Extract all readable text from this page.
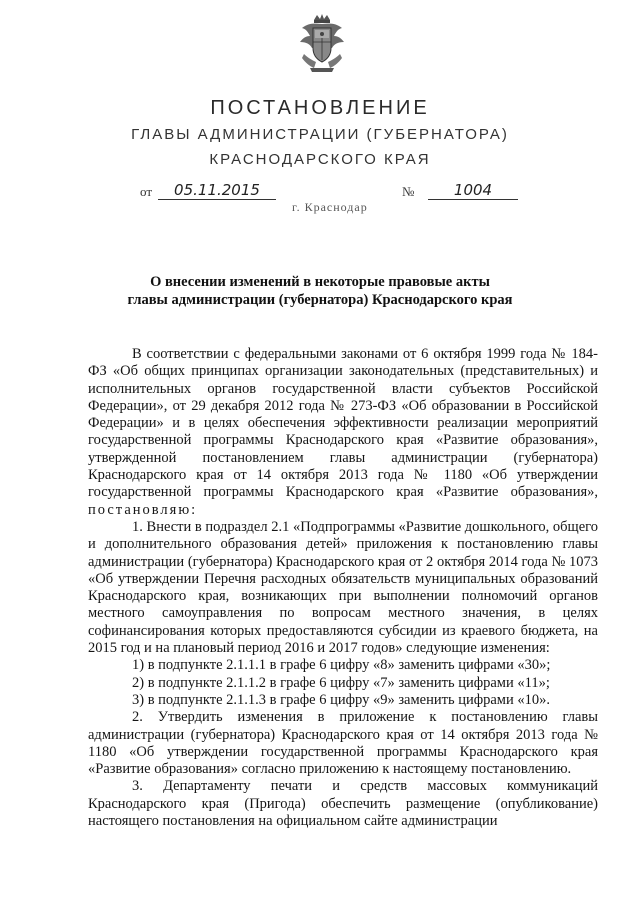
ПОСТАНОВЛЕНИЕ
ГЛАВЫ АДМИНИСТРАЦИИ (ГУБЕРНАТОРА)
КРАСНОДАРСКОГО КРАЯ
от	05.11.2015	№	1004
г. Краснодар
О внесении изменений в некоторые правовые акты
главы администрации (губернатора) Краснодарского края

В соответствии с федеральными законами от 6 октября 1999 года № 184-ФЗ «Об общих принципах организации законодательных (представительных) и исполнительных органов государственной власти субъектов Российской Федерации», от 29 декабря 2012 года № 273-ФЗ «Об образовании в Российской Федерации» и в целях обеспечения эффективности реализации мероприятий государственной программы Краснодарского края «Развитие образования», утвержденной постановлением главы администрации (губернатора) Краснодарского края от 14 октября 2013 года № 1180 «Об утверждении государственной программы Краснодарского края «Развитие образования», постановляю:

1. Внести в подраздел 2.1 «Подпрограммы «Развитие дошкольного, общего и дополнительного образования детей» приложения к постановлению главы администрации (губернатора) Краснодарского края от 2 октября 2014 года № 1073 «Об утверждении Перечня расходных обязательств муниципальных образований Краснодарского края, возникающих при выполнении полномочий органов местного самоуправления по вопросам местного значения, в целях софинансирования которых предоставляются субсидии из краевого бюджета, на 2015 год и на плановый период 2016 и 2017 годов» следующие изменения:

1) в подпункте 2.1.1.1 в графе 6 цифру «8» заменить цифрами «30»;

2) в подпункте 2.1.1.2 в графе 6 цифру «7» заменить цифрами «11»;

3) в подпункте 2.1.1.3 в графе 6 цифру «9» заменить цифрами «10».

2. Утвердить изменения в приложение к постановлению главы администрации (губернатора) Краснодарского края от 14 октября 2013 года № 1180 «Об утверждении государственной программы Краснодарского края «Развитие образования» согласно приложению к настоящему постановлению.

3. Департаменту печати и средств массовых коммуникаций Краснодарского края (Пригода) обеспечить размещение (опубликование) настоящего постановления на официальном сайте администрации
